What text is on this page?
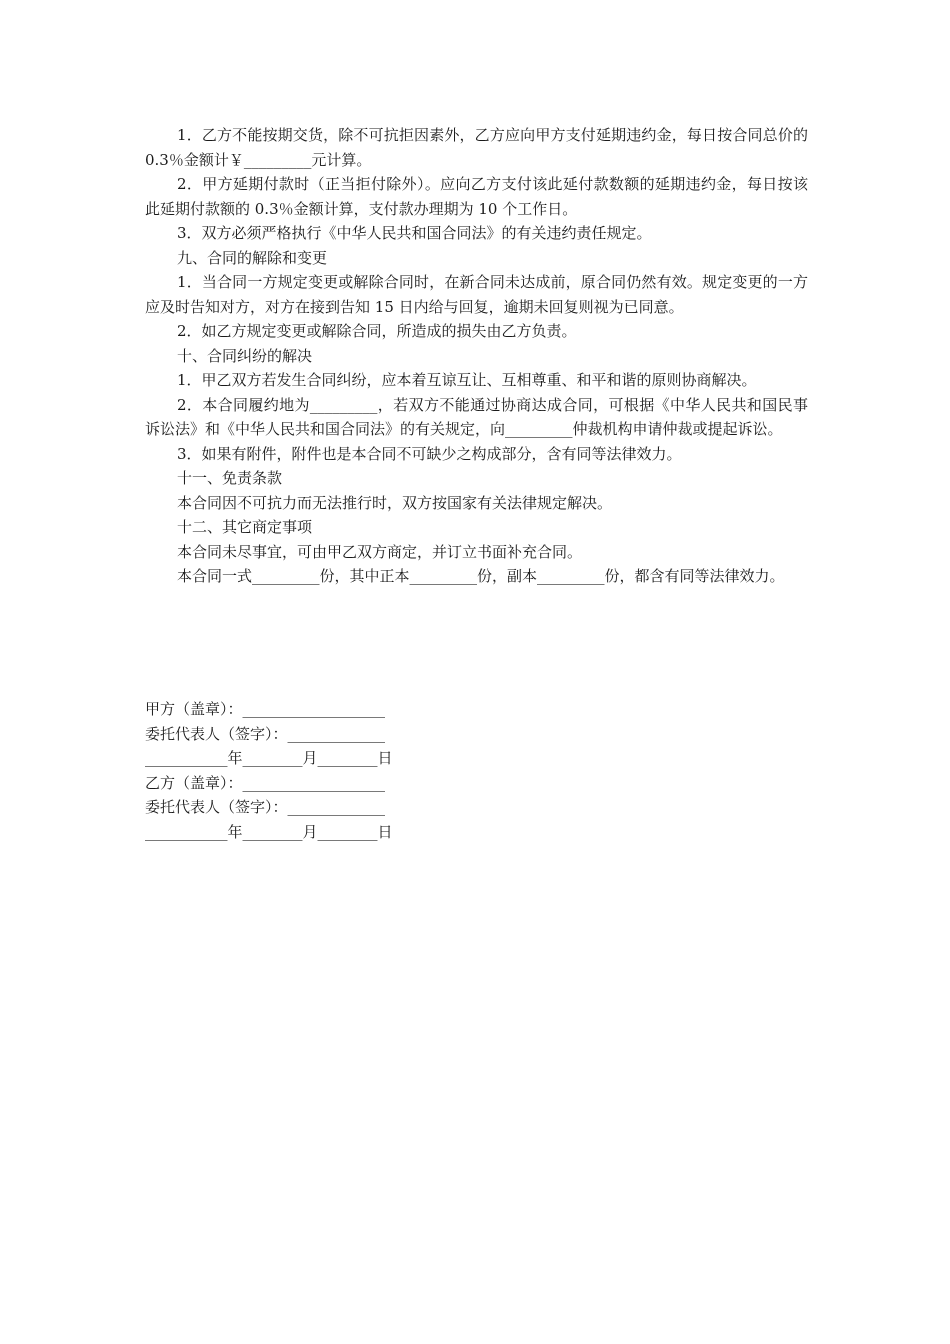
1．乙方不能按期交货，除不可抗拒因素外，乙方应向甲方支付延期违约金，每日按合同总价的 0.3％金额计￥_________元计算。

2．甲方延期付款时（正当拒付除外）。应向乙方支付该此延付款数额的延期违约金，每日按该此延期付款额的 0.3％金额计算，支付款办理期为 10 个工作日。

3．双方必须严格执行《中华人民共和国合同法》的有关违约责任规定。

九、合同的解除和变更

1．当合同一方规定变更或解除合同时，在新合同未达成前，原合同仍然有效。规定变更的一方应及时告知对方，对方在接到告知 15 日内给与回复，逾期未回复则视为已同意。

2．如乙方规定变更或解除合同，所造成的损失由乙方负责。

十、合同纠纷的解决

1．甲乙双方若发生合同纠纷，应本着互谅互让、互相尊重、和平和谐的原则协商解决。

2．本合同履约地为_________，若双方不能通过协商达成合同，可根据《中华人民共和国民事诉讼法》和《中华人民共和国合同法》的有关规定，向_________仲裁机构申请仲裁或提起诉讼。

3．如果有附件，附件也是本合同不可缺少之构成部分，含有同等法律效力。

十一、免责条款

本合同因不可抗力而无法推行时，双方按国家有关法律规定解决。

十二、其它商定事项

本合同未尽事宜，可由甲乙双方商定，并订立书面补充合同。

本合同一式_________份，其中正本_________份，副本_________份，都含有同等法律效力。

甲方（盖章）：___________________

委托代表人（签字）：_____________

___________年________月________日

乙方（盖章）：___________________

委托代表人（签字）：_____________

___________年________月________日
